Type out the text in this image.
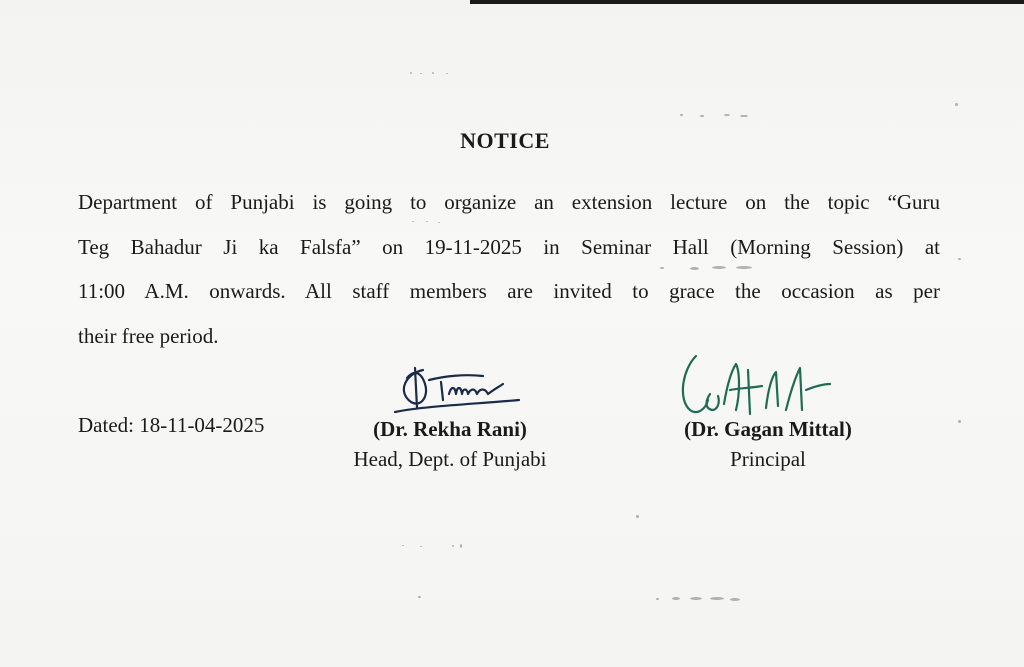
NOTICE
Department of Punjabi is going to organize an extension lecture on the topic “Guru
Teg Bahadur Ji ka Falsfa” on 19-11-2025 in Seminar Hall (Morning Session) at
11:00 A.M. onwards. All staff members are invited to grace the occasion as per
their free period.
Dated: 18-11-04-2025	(Dr. Rekha Rani)
Head, Dept. of Punjabi
(Dr. Gagan Mittal)
Principal
